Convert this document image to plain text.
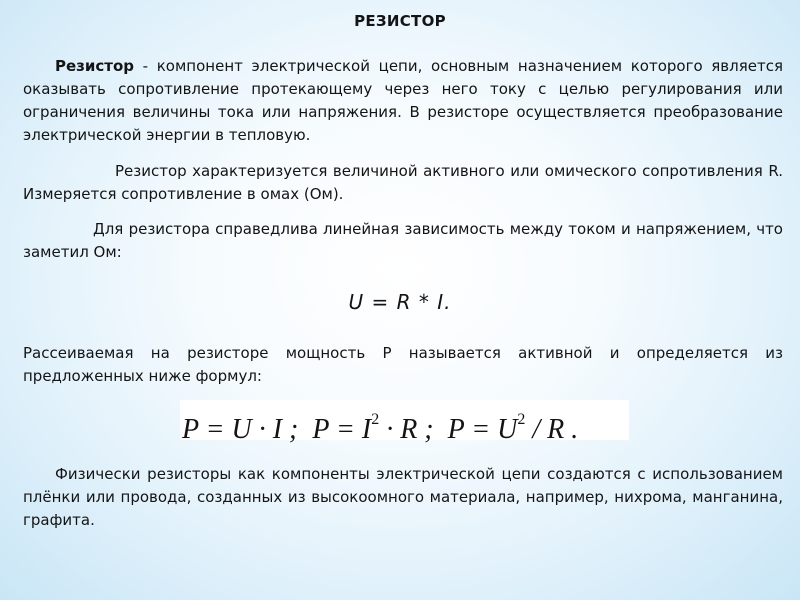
РЕЗИСТОР
Резистор - компонент электрической цепи, основным назначением которого является оказывать сопротивление протекающему через него току с целью регулирования или ограничения величины тока или напряжения. В резисторе осуществляется преобразование электрической энергии в тепловую.
Резистор характеризуется величиной активного или омического сопротивления R. Измеряется сопротивление в омах (Ом).
Для резистора справедлива линейная зависимость между током и напряжением, что заметил Ом:
U = R * I.
Рассеиваемая на резисторе мощность P называется активной и определяется из предложенных ниже формул:
P = U · I ; $P = I^2 \cdot R$ ; $P = U^2 / R$ .
Физически резисторы как компоненты электрической цепи создаются с использованием плёнки или провода, созданных из высокоомного материала, например, нихрома, манганина, графита.
